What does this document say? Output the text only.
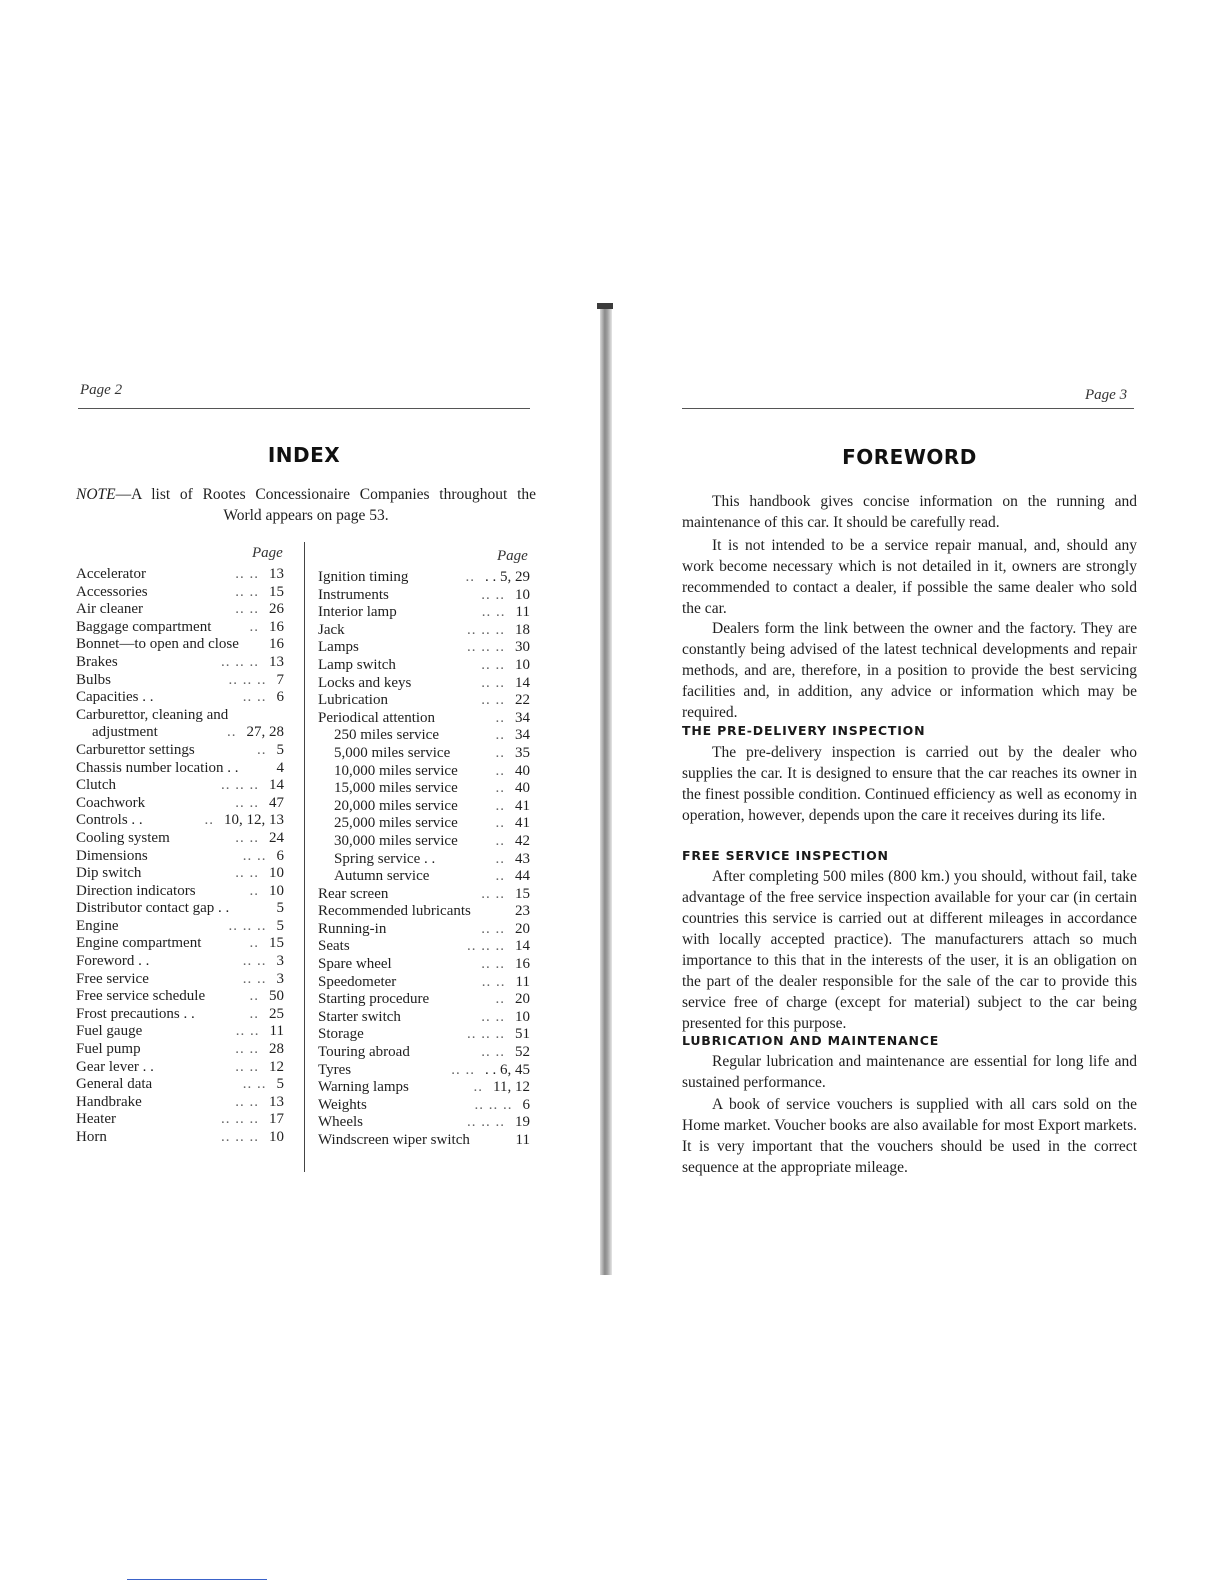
Page 2
INDEX
NOTE—A list of Rootes Concessionaire Companies throughout the World appears on page 53.
Page	Page
Accelerator	.. .. 13
Accessories	.. .. 15
Air cleaner	.. .. 26
Baggage compartment	.. 16
Bonnet—to open and close 16
Brakes	.. .. .. 13
Bulbs	.. .. .. 7
Capacities . .	.. .. 6
Carburettor, cleaning and
adjustment	.. 27, 28
Carburettor settings	.. 5
Chassis number location . .	4
Clutch	.. .. .. 14
Coachwork	.. .. 47
Controls . .	.. 10, 12, 13
Cooling system	.. .. 24
Dimensions	.. .. 6
Dip switch	.. .. 10
Direction indicators	.. 10
Distributor contact gap . .	5
Engine	.. .. .. 5
Engine compartment	.. 15
Foreword . .	.. .. 3
Free service	.. .. 3
Free service schedule	.. 50
Frost precautions . .	.. 25
Fuel gauge	.. .. 11
Fuel pump	.. .. 28
Gear lever . .	.. .. 12
General data	.. .. 5
Handbrake	.. .. 13
Heater	.. .. .. 17
Horn	.. .. .. 10
Ignition timing	.. . . 5, 29
Instruments	.. .. 10
Interior lamp	.. .. 11
Jack	.. .. .. 18
Lamps	.. .. .. 30
Lamp switch	.. .. 10
Locks and keys	.. .. 14
Lubrication	.. .. 22
Periodical attention	.. 34
250 miles service	.. 34
5,000 miles service	.. 35
10,000 miles service	.. 40
15,000 miles service	.. 40
20,000 miles service	.. 41
25,000 miles service	.. 41
30,000 miles service	.. 42
Spring service . .	.. 43
Autumn service	.. 44
Rear screen	.. .. 15
Recommended lubricants	23
Running-in	.. .. 20
Seats	.. .. .. 14
Spare wheel	.. .. 16
Speedometer	.. .. 11
Starting procedure	.. 20
Starter switch	.. .. 10
Storage	.. .. .. 51
Touring abroad	.. .. 52
Tyres	.. .. . . 6, 45
Warning lamps	.. 11, 12
Weights	.. .. .. 6
Wheels	.. .. .. 19
Windscreen wiper switch	11
Page 3
FOREWORD

This handbook gives concise information on the running and maintenance of this car. It should be carefully read.

It is not intended to be a service repair manual, and, should any work become necessary which is not detailed in it, owners are strongly recommended to contact a dealer, if possible the same dealer who sold the car.

Dealers form the link between the owner and the factory. They are constantly being advised of the latest technical developments and repair methods, and are, therefore, in a position to provide the best servicing facilities and, in addition, any advice or information which may be required.

THE PRE-DELIVERY INSPECTION

The pre-delivery inspection is carried out by the dealer who supplies the car. It is designed to ensure that the car reaches its owner in the finest possible condition. Continued efficiency as well as economy in operation, however, depends upon the care it receives during its life.

FREE SERVICE INSPECTION

After completing 500 miles (800 km.) you should, without fail, take advantage of the free service inspection available for your car (in certain countries this service is carried out at different mileages in accordance with locally accepted practice). The manufacturers attach so much importance to this that in the interests of the user, it is an obligation on the part of the dealer responsible for the sale of the car to provide this service free of charge (except for material) subject to the car being presented for this purpose.

LUBRICATION AND MAINTENANCE

Regular lubrication and maintenance are essential for long life and sustained performance.

A book of service vouchers is supplied with all cars sold on the Home market. Voucher books are also available for most Export markets. It is very important that the vouchers should be used in the correct sequence at the appropriate mileage.
